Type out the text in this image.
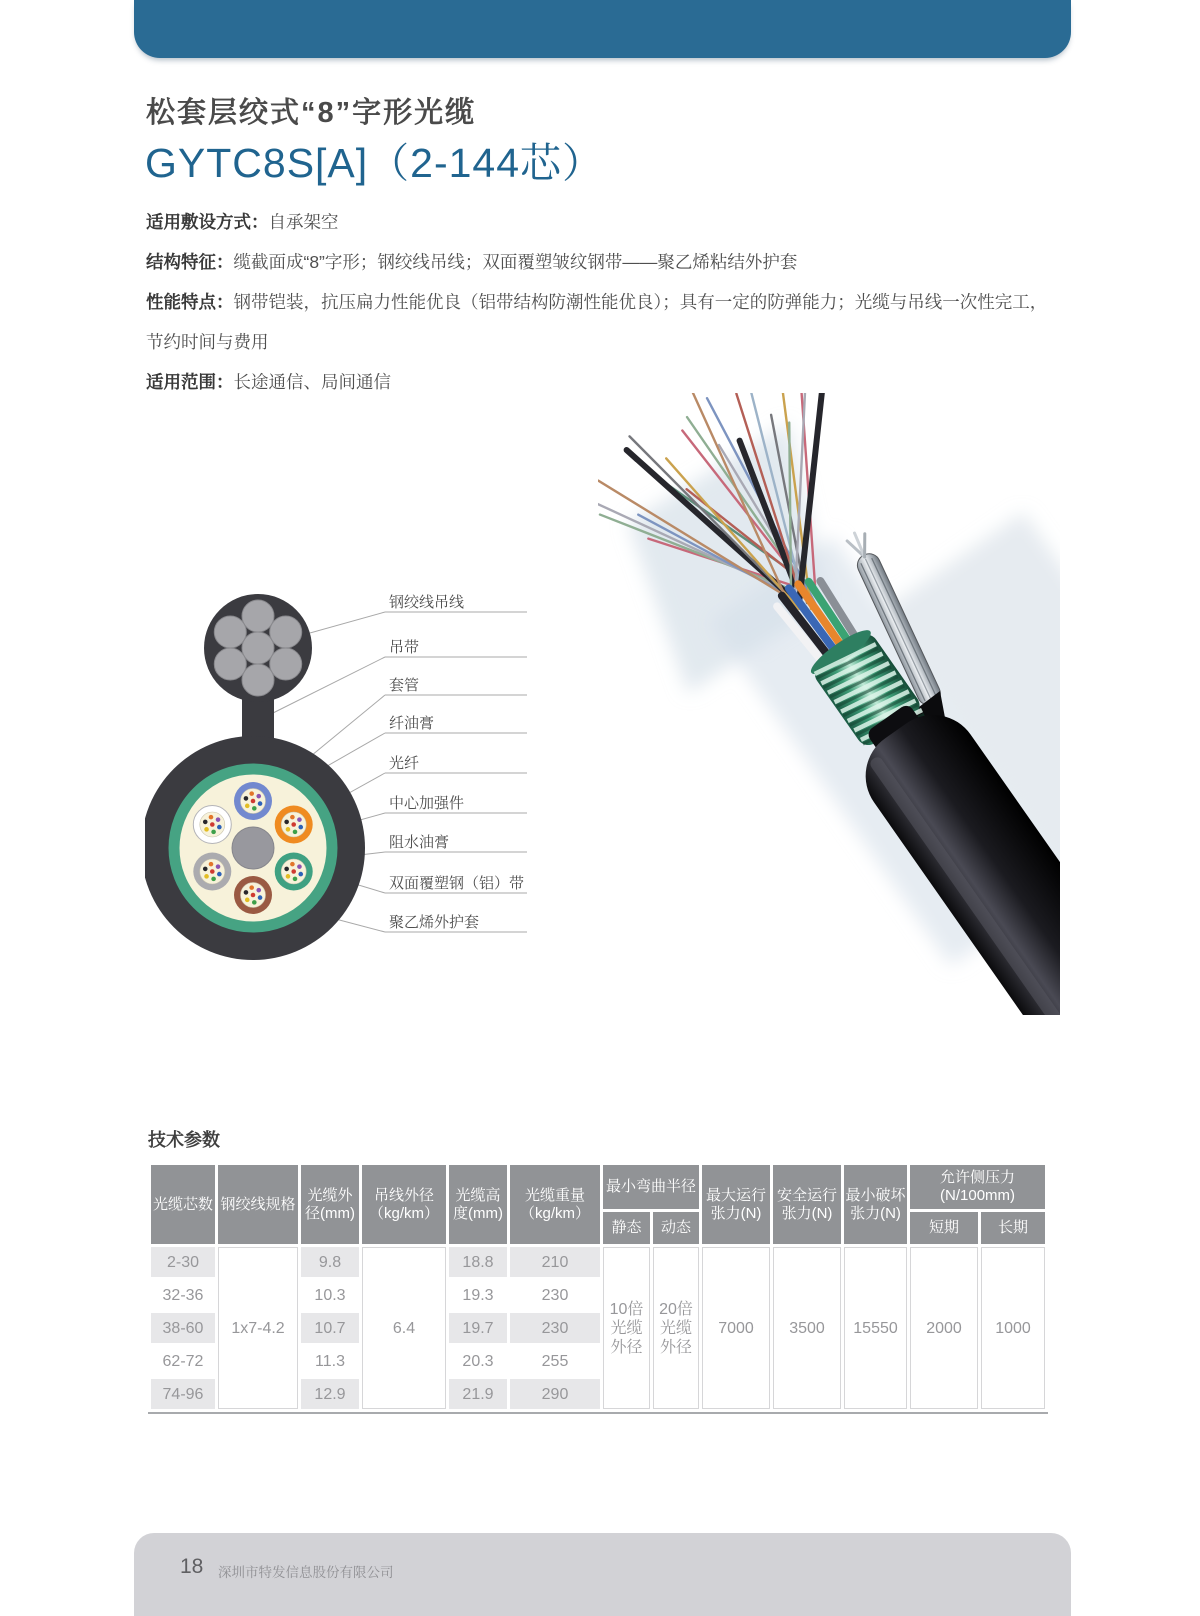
松套层绞式“8”字形光缆
GYTC8S[A]（2-144芯）

适用敷设方式：自承架空

结构特征：缆截面成“8”字形；钢绞线吊线；双面覆塑皱纹钢带——聚乙烯粘结外护套

性能特点：钢带铠装，抗压扁力性能优良（铝带结构防潮性能优良）；具有一定的防弹能力；光缆与吊线一次性完工，节约时间与费用

适用范围：长途通信、局间通信

钢绞线吊线
吊带
套管
纤油膏
光纤
中心加强件
阻水油膏
双面覆塑钢（铝）带
聚乙烯外护套
技术参数
光缆芯数	钢绞线规格	光缆外径(mm)	吊线外径（kg/km）	光缆高度(mm)	光缆重量（kg/km）	最小弯曲半径		最大运行张力(N)	安全运行张力(N)	最小破坏张力(N)	允许侧压力(N/100mm)	
						静态	动态				短期	长期
2-30	1x7-4.2	9.8	6.4	18.8	210	10倍光缆外径	20倍光缆外径	7000	3500	15550	2000	1000
32-36		10.3		19.3	230							
38-60		10.7		19.7	230							
62-72		11.3		20.3	255							
74-96		12.9		21.9	290							
18 深圳市特发信息股份有限公司
